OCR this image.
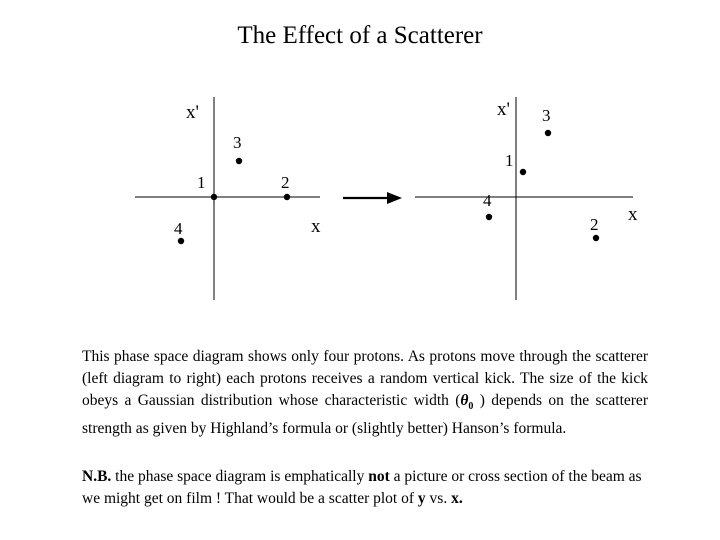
The Effect of a Scatterer
x'
x
3
1	2
4
x'
x
3
1
4
2

This phase space diagram shows only four protons. As protons move through the scatterer (left diagram to right) each protons receives a random vertical kick. The size of the kick obeys a Gaussian distribution whose characteristic width ($\theta_0$ ) depends on the scatterer strength as given by Highland’s formula or (slightly better) Hanson’s formula.

N.B. the phase space diagram is emphatically not a picture or cross section of the beam as we might get on film ! That would be a scatter plot of y vs. x.
